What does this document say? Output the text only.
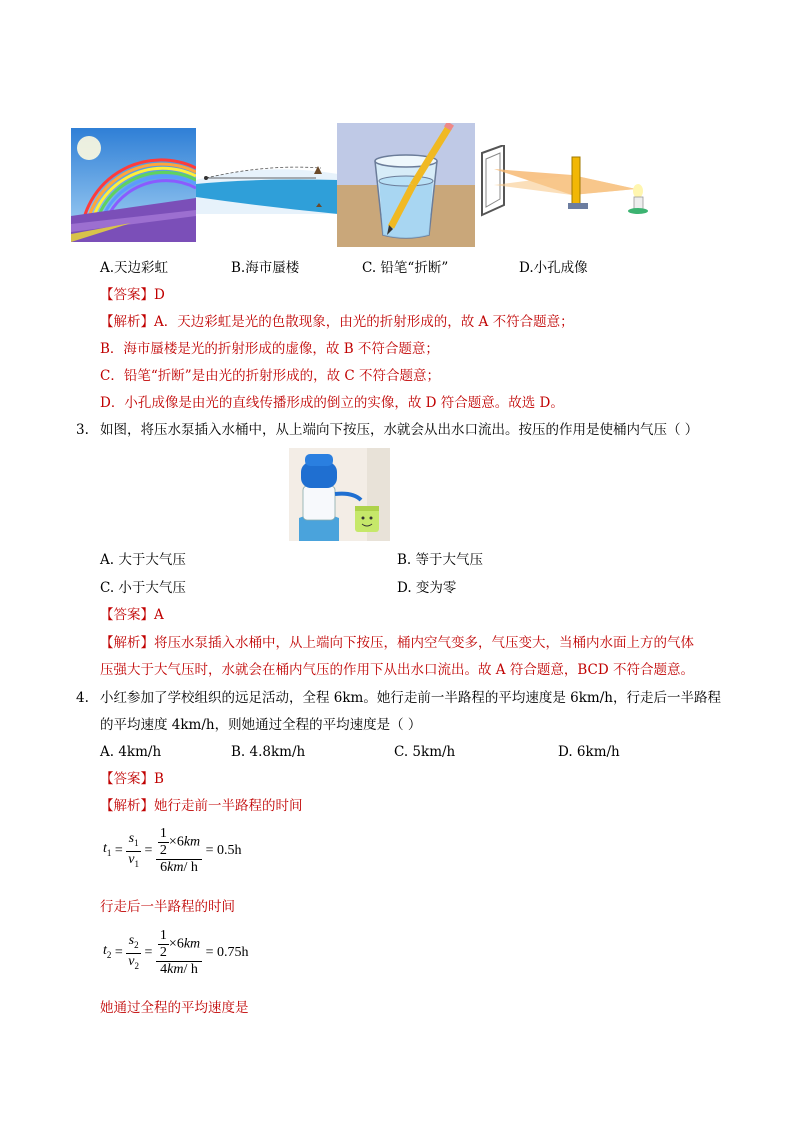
A.天边彩虹	B.海市蜃楼	C. 铅笔“折断”	D.小孔成像
【答案】D
【解析】A．天边彩虹是光的色散现象，由光的折射形成的，故 A 不符合题意；
B．海市蜃楼是光的折射形成的虚像，故 B 不符合题意；
C．铅笔“折断”是由光的折射形成的，故 C 不符合题意；
D．小孔成像是由光的直线传播形成的倒立的实像，故 D 符合题意。故选 D。
3. 如图，将压水泵插入水桶中，从上端向下按压，水就会从出水口流出。按压的作用是使桶内气压（ ）
A. 大于大气压	B. 等于大气压
C. 小于大气压	D. 变为零
【答案】A
【解析】将压水泵插入水桶中，从上端向下按压，桶内空气变多，气压变大，当桶内水面上方的气体
压强大于大气压时，水就会在桶内气压的作用下从出水口流出。故 A 符合题意，BCD 不符合题意。
4. 小红参加了学校组织的远足活动，全程 6km。她行走前一半路程的平均速度是 6km/h，行走后一半路程
的平均速度 4km/h，则她通过全程的平均速度是（ ）
A. 4km/h	B. 4.8km/h	C. 5km/h	D. 6km/h
【答案】B
【解析】她行走前一半路程的时间
$t_1 = \frac{s_1}{v_1} = \frac{\frac{1}{2} \times 6km}{6km/ h} = 0.5h$
行走后一半路程的时间
$t_2 = \frac{s_2}{v_2} = \frac{\frac{1}{2} \times 6km}{4km/ h} = 0.75h$
她通过全程的平均速度是
